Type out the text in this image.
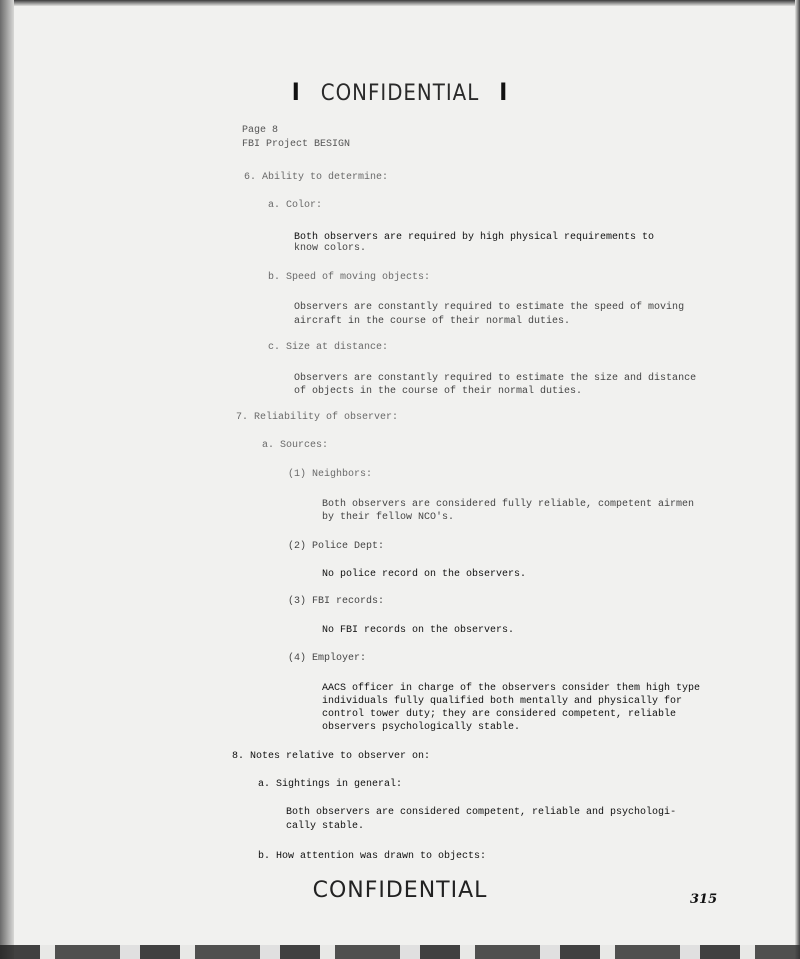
I CONFIDENTIAL I
Page 8
FBI Project BESIGN
6. Ability to determine:
a. Color:
Both observers are required by high physical requirements to
know colors.
b. Speed of moving objects:
Observers are constantly required to estimate the speed of moving
aircraft in the course of their normal duties.
c. Size at distance:
Observers are constantly required to estimate the size and distance
of objects in the course of their normal duties.
7. Reliability of observer:
a. Sources:
(1) Neighbors:
Both observers are considered fully reliable, competent airmen
by their fellow NCO's.
(2) Police Dept:
No police record on the observers.
(3) FBI records:
No FBI records on the observers.
(4) Employer:
AACS officer in charge of the observers consider them high type
individuals fully qualified both mentally and physically for
control tower duty; they are considered competent, reliable
observers psychologically stable.
8. Notes relative to observer on:
a. Sightings in general:
Both observers are considered competent, reliable and psychologi-
cally stable.
b. How attention was drawn to objects:
CONFIDENTIAL	315
